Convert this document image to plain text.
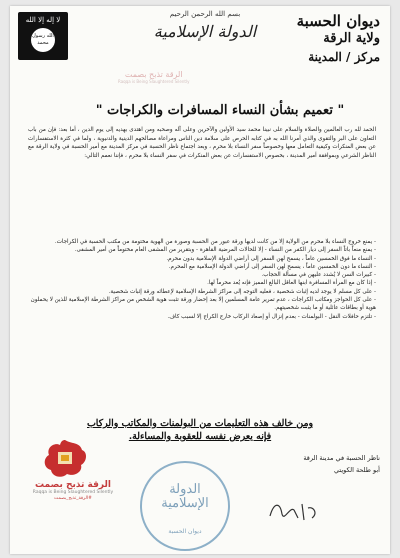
لا إله إلا الله
الله رسول محمد
بسم الله الرحمن الرحيم
الدولة الإسلامية
ديوان الحسبة
ولاية الرقة
مركز / المدينة
الرقة تذبح بصمت
Raqqa is Being Slaughtered Silently
" تعميم بشأن النساء المسافرات والكراجات "

الحمد لله رب العالمين والصلاة والسلام على نبينا محمد سيد الأولين والآخرين وعلى آله وصحبه ومن اهتدى بهديه إلى يوم الدين ، أما بعد: فإن من باب التعاون على البر والتقوى والذي أمرنا الله به في كتابه الحرص على سلامة دين الناس ومراعاة مصالحهم الدينية والدنيوية ، ولما في كثرة الاستفسارات عن بعض المنكرات وكيفية التعامل معها وخصوصاً سفر النساء بلا محرم ، وبعد اجتماع ناظر الحسبة في مركز المدينة مع أمير الحسبة في ولاية الرقة مع الناظر الشرعي وبموافقة أمير المدينة ، بخصوص الاستفسارات عن بعض المنكرات في سفر النساء بلا محرم ، فإننا نعمم التالي:

- يمنع خروج النساء بلا محرم من الولاية إلا من كانت لديها ورقة عبور من الحسبة وصورة من الهوية مختومة من مكتب الحسبة في الكراجات.
- يمنع منعاً باتاً السفر إلى ديار الكفر من النساء - إلا للحالات المرضية القاهرة - وبتقرير من المشفى العام مختوماً من أمير المشفى.
- النساء ما فوق الخمسين عاماً ، يسمح لهن السفر إلى أراضي الدولة الإسلامية بدون محرم.
- النساء ما دون الخمسين عاماً ، يسمح لهن السفر إلى أراضي الدولة الإسلامية مع المحرم.
- كبيرات السن لا يُشدد عليهن في مسألة الحجاب.
- إذا كان مع المرأة المسافرة ابنها العاقل البالغ المميز فإنه يُعد محرماً لها.
- على كل مسلم لا يوجد لديه إثبات شخصية ، فعليه التوجه إلى مراكز الشرطة الإسلامية لإعطائه ورقة إثبات شخصية.
- على كل الحواجز ومكاتب الكراجات ، عدم تمرير عامة المسلمين إلا بعد إحضار ورقة تثبت هوية الشخص من مراكز الشرطة الإسلامية للذين لا يحملون هوية أو بطاقات عائلية أو ما يثبت شخصيتهم.
- تلتزم حافلات النقل - البولمنات - بعدم إنزال أو إصعاد الركاب خارج الكراج إلا لسبب كاف.
ومن خالف هذه التعليمات من البولمنات والمكاتب والركاب
فإنه يعرض نفسه للعقوبة والمساءلة.
ناظر الحسبة في مدينة الرقة
أبو طلحة الكويتي
الدولة
الإسلامية
ديوان الحسبة
الرقة تذبح بصمت
Raqqa is Being Slaughtered Silently
#الرقة_تذبح_بصمت
